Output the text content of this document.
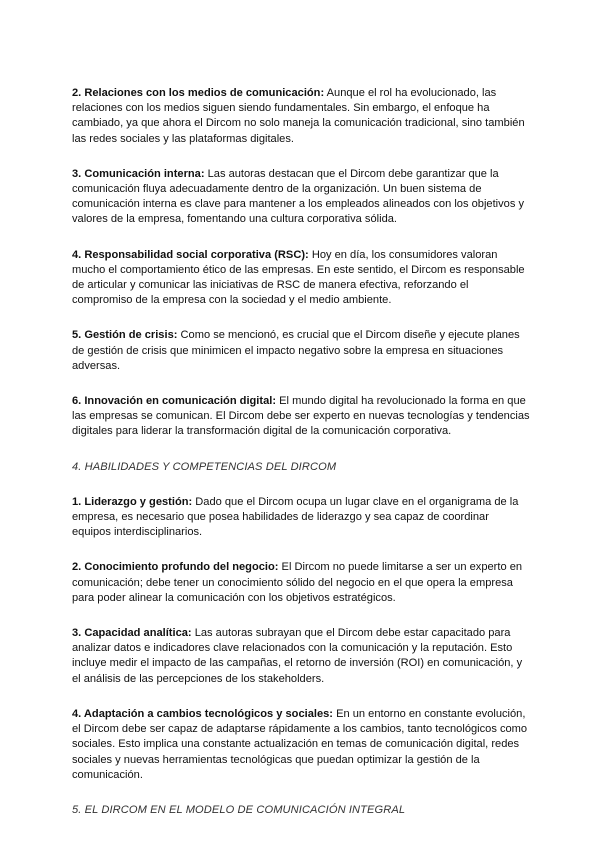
2. Relaciones con los medios de comunicación: Aunque el rol ha evolucionado, las relaciones con los medios siguen siendo fundamentales. Sin embargo, el enfoque ha cambiado, ya que ahora el Dircom no solo maneja la comunicación tradicional, sino también las redes sociales y las plataformas digitales.

3. Comunicación interna: Las autoras destacan que el Dircom debe garantizar que la comunicación fluya adecuadamente dentro de la organización. Un buen sistema de comunicación interna es clave para mantener a los empleados alineados con los objetivos y valores de la empresa, fomentando una cultura corporativa sólida.

4. Responsabilidad social corporativa (RSC): Hoy en día, los consumidores valoran mucho el comportamiento ético de las empresas. En este sentido, el Dircom es responsable de articular y comunicar las iniciativas de RSC de manera efectiva, reforzando el compromiso de la empresa con la sociedad y el medio ambiente.

5. Gestión de crisis: Como se mencionó, es crucial que el Dircom diseñe y ejecute planes de gestión de crisis que minimicen el impacto negativo sobre la empresa en situaciones adversas.

6. Innovación en comunicación digital: El mundo digital ha revolucionado la forma en que las empresas se comunican. El Dircom debe ser experto en nuevas tecnologías y tendencias digitales para liderar la transformación digital de la comunicación corporativa.

4. HABILIDADES Y COMPETENCIAS DEL DIRCOM

1. Liderazgo y gestión: Dado que el Dircom ocupa un lugar clave en el organigrama de la empresa, es necesario que posea habilidades de liderazgo y sea capaz de coordinar equipos interdisciplinarios.

2. Conocimiento profundo del negocio: El Dircom no puede limitarse a ser un experto en comunicación; debe tener un conocimiento sólido del negocio en el que opera la empresa para poder alinear la comunicación con los objetivos estratégicos.

3. Capacidad analítica: Las autoras subrayan que el Dircom debe estar capacitado para analizar datos e indicadores clave relacionados con la comunicación y la reputación. Esto incluye medir el impacto de las campañas, el retorno de inversión (ROI) en comunicación, y el análisis de las percepciones de los stakeholders.

4. Adaptación a cambios tecnológicos y sociales: En un entorno en constante evolución, el Dircom debe ser capaz de adaptarse rápidamente a los cambios, tanto tecnológicos como sociales. Esto implica una constante actualización en temas de comunicación digital, redes sociales y nuevas herramientas tecnológicas que puedan optimizar la gestión de la comunicación.

5. EL DIRCOM EN EL MODELO DE COMUNICACIÓN INTEGRAL
